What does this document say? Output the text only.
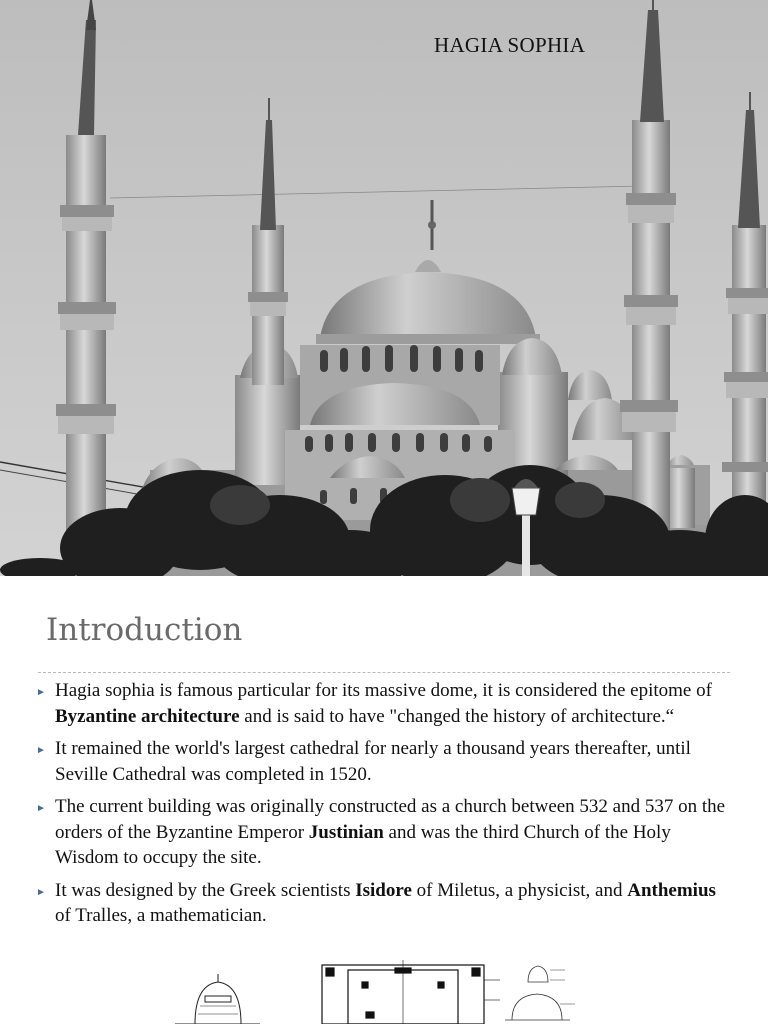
HAGIA SOPHIA
Introduction
► Hagia sophia is famous particular for its massive dome, it is considered the epitome of Byzantine architecture and is said to have "changed the history of architecture.“
► It remained the world's largest cathedral for nearly a thousand years thereafter, until Seville Cathedral was completed in 1520.
► The current building was originally constructed as a church between 532 and 537 on the orders of the Byzantine Emperor Justinian and was the third Church of the Holy Wisdom to occupy the site.
► It was designed by the Greek scientists Isidore of Miletus, a physicist, and Anthemius of Tralles, a mathematician.
